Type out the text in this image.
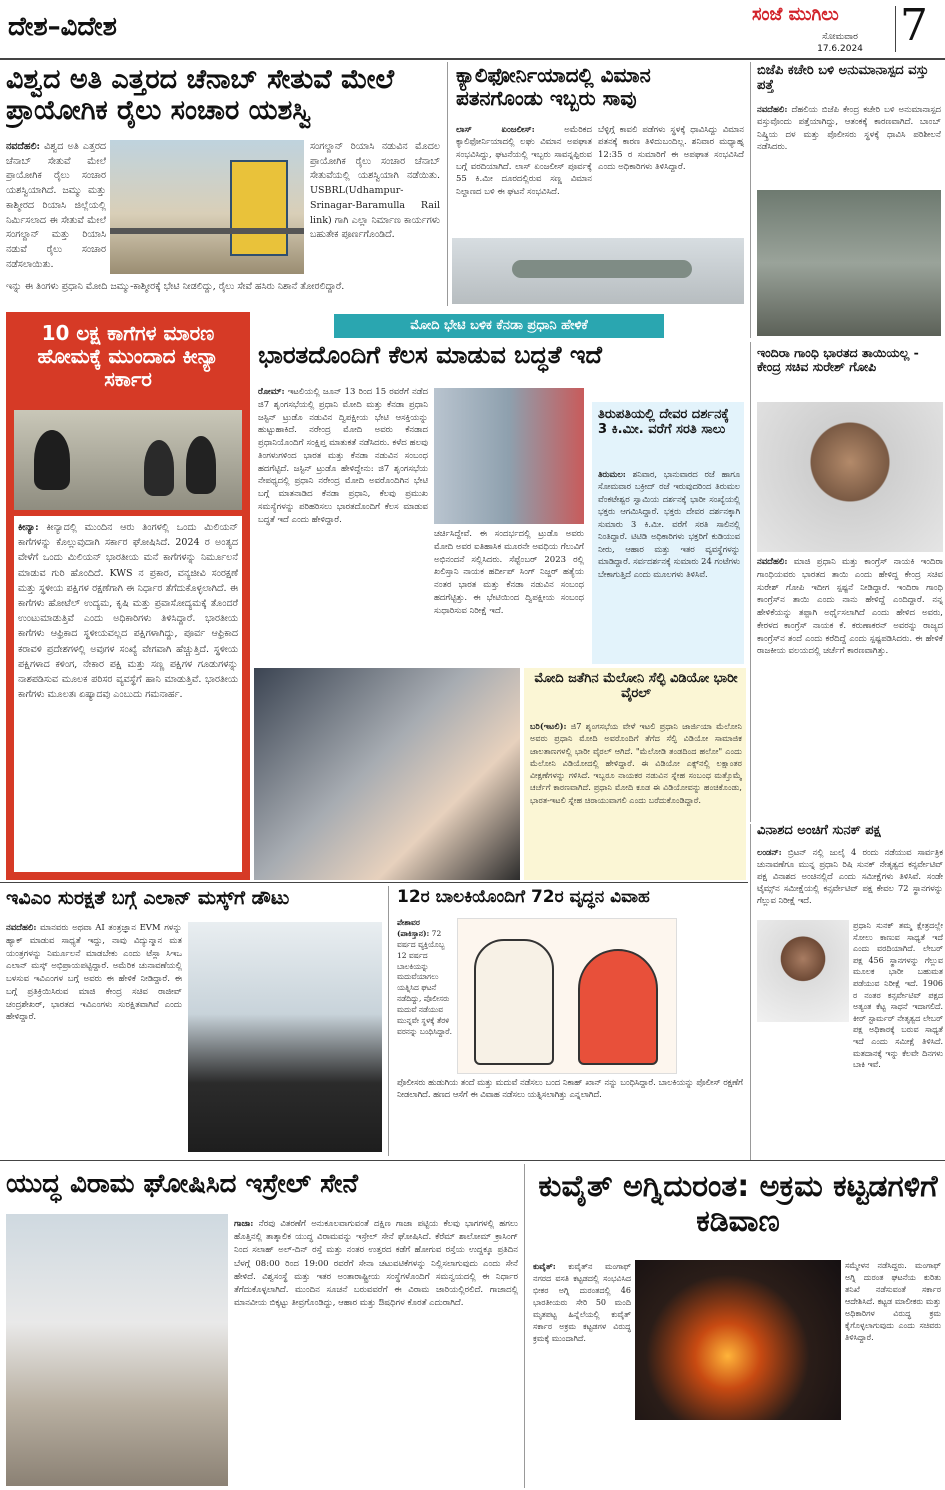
ದೇಶ–ವಿದೇಶ	ಸಂಜೆ ಮುಗಿಲು
ಸೋಮವಾರ
17.6.2024 7
ವಿಶ್ವದ ಅತಿ ಎತ್ತರದ ಚೆನಾಬ್ ಸೇತುವೆ ಮೇಲೆ ಪ್ರಾಯೋಗಿಕ ರೈಲು ಸಂಚಾರ ಯಶಸ್ವಿ
ನವದೆಹಲಿ: ವಿಶ್ವದ ಅತಿ ಎತ್ತರದ ಚೆನಾಬ್ ಸೇತುವೆ ಮೇಲೆ ಪ್ರಾಯೋಗಿಕ ರೈಲು ಸಂಚಾರ ಯಶಸ್ವಿಯಾಗಿದೆ. ಜಮ್ಮು ಮತ್ತು ಕಾಶ್ಮೀರದ ರಿಯಾಸಿ ಜಿಲ್ಲೆಯಲ್ಲಿ ನಿರ್ಮಿಸಲಾದ ಈ ಸೇತುವೆ ಮೇಲೆ ಸಂಗಲ್ದಾನ್ ಮತ್ತು ರಿಯಾಸಿ ನಡುವೆ ರೈಲು ಸಂಚಾರ ನಡೆಸಲಾಯಿತು.
ಸಂಗಲ್ದಾನ್ ರಿಯಾಸಿ ನಡುವಿನ ಮೊದಲ ಪ್ರಾಯೋಗಿಕ ರೈಲು ಸಂಚಾರ ಚೆನಾಬ್ ಸೇತುವೆಯಲ್ಲಿ ಯಶಸ್ವಿಯಾಗಿ ನಡೆಯಿತು. USBRL(Udhampur-Srinagar-Baramulla Rail link) ಗಾಗಿ ಎಲ್ಲಾ ನಿರ್ಮಾಣ ಕಾರ್ಯಗಳು ಬಹುತೇಕ ಪೂರ್ಣಗೊಂಡಿದೆ.
ಇನ್ನು ಈ ತಿಂಗಳು ಪ್ರಧಾನಿ ಮೋದಿ ಜಮ್ಮು-ಕಾಶ್ಮೀರಕ್ಕೆ ಭೇಟಿ ನೀಡಲಿದ್ದು, ರೈಲು ಸೇವೆ ಹಸಿರು ನಿಶಾನೆ ತೋರಲಿದ್ದಾರೆ.
ಕ್ಯಾಲಿಫೋರ್ನಿಯಾದಲ್ಲಿ ವಿಮಾನ ಪತನಗೊಂಡು ಇಬ್ಬರು ಸಾವು
ಲಾಸ್ ಏಂಜಲೀಸ್:	ಅಮೆರಿಕದ ಕ್ಯಾಲಿಫೋರ್ನಿಯಾದಲ್ಲಿ ಲಘು ವಿಮಾನ ಅಪಘಾತ ಸಂಭವಿಸಿದ್ದು, ಘಟನೆಯಲ್ಲಿ ಇಬ್ಬರು ಸಾವನ್ನಪ್ಪಿರುವ ಬಗ್ಗೆ ವರದಿಯಾಗಿದೆ. ಲಾಸ್ ಏಂಜಲೀಸ್ ಪೂರ್ವಕ್ಕೆ 55 ಕಿ.ಮೀ ದೂರದಲ್ಲಿರುವ ಸಣ್ಣ ವಿಮಾನ ನಿಲ್ದಾಣದ ಬಳಿ ಈ ಘಟನೆ ಸಂಭವಿಸಿದೆ.
ಬೆಳ್ಳಿಗ್ಗೆ ಕಾವಲಿ ಪಡೆಗಳು ಸ್ಥಳಕ್ಕೆ ಧಾವಿಸಿದ್ದು ವಿಮಾನ ಪತನಕ್ಕೆ ಕಾರಣ ತಿಳಿದುಬಂದಿಲ್ಲ. ಶನಿವಾರ ಮಧ್ಯಾಹ್ನ 12:35 ರ ಸುಮಾರಿಗೆ ಈ ಅಪಘಾತ ಸಂಭವಿಸಿದೆ ಎಂದು ಅಧಿಕಾರಿಗಳು ತಿಳಿಸಿದ್ದಾರೆ.
ಬಿಜೆಪಿ ಕಚೇರಿ ಬಳಿ ಅನುಮಾನಾಸ್ಪದ ವಸ್ತು ಪತ್ತೆ
ನವದೆಹಲಿ: ದೆಹಲಿಯ ಬಿಜೆಪಿ ಕೇಂದ್ರ ಕಚೇರಿ ಬಳಿ ಅನುಮಾನಾಸ್ಪದ ವಸ್ತುವೊಂದು ಪತ್ತೆಯಾಗಿದ್ದು, ಆತಂಕಕ್ಕೆ ಕಾರಣವಾಗಿದೆ. ಬಾಂಬ್ ನಿಷ್ಕ್ರಿಯ ದಳ ಮತ್ತು ಪೊಲೀಸರು ಸ್ಥಳಕ್ಕೆ ಧಾವಿಸಿ ಪರಿಶೀಲನೆ ನಡೆಸಿದರು.
10 ಲಕ್ಷ ಕಾಗೆಗಳ ಮಾರಣ ಹೋಮಕ್ಕೆ ಮುಂದಾದ ಕೀನ್ಯಾ ಸರ್ಕಾರ
ಕೀನ್ಯಾ: ಕೀನ್ಯಾದಲ್ಲಿ ಮುಂದಿನ ಆರು ತಿಂಗಳಲ್ಲಿ ಒಂದು ಮಿಲಿಯನ್ ಕಾಗೆಗಳನ್ನು ಕೊಲ್ಲುವುದಾಗಿ ಸರ್ಕಾರ ಘೋಷಿಸಿದೆ. 2024 ರ ಅಂತ್ಯದ ವೇಳೆಗೆ ಒಂದು ಮಿಲಿಯನ್ ಭಾರತೀಯ ಮನೆ ಕಾಗೆಗಳನ್ನು ನಿರ್ಮೂಲನೆ ಮಾಡುವ ಗುರಿ ಹೊಂದಿದೆ. KWS ನ ಪ್ರಕಾರ, ವನ್ಯಜೀವಿ ಸಂರಕ್ಷಣೆ ಮತ್ತು ಸ್ಥಳೀಯ ಪಕ್ಷಿಗಳ ರಕ್ಷಣೆಗಾಗಿ ಈ ನಿರ್ಧಾರ ತೆಗೆದುಕೊಳ್ಳಲಾಗಿದೆ. ಈ ಕಾಗೆಗಳು ಹೋಟೆಲ್ ಉದ್ಯಮ, ಕೃಷಿ ಮತ್ತು ಪ್ರವಾಸೋದ್ಯಮಕ್ಕೆ ತೊಂದರೆ ಉಂಟುಮಾಡುತ್ತಿವೆ ಎಂದು ಅಧಿಕಾರಿಗಳು ತಿಳಿಸಿದ್ದಾರೆ. ಭಾರತೀಯ ಕಾಗೆಗಳು ಆಫ್ರಿಕಾದ ಸ್ಥಳೀಯವಲ್ಲದ ಪಕ್ಷಿಗಳಾಗಿದ್ದು, ಪೂರ್ವ ಆಫ್ರಿಕಾದ ಕರಾವಳಿ ಪ್ರದೇಶಗಳಲ್ಲಿ ಅವುಗಳ ಸಂಖ್ಯೆ ವೇಗವಾಗಿ ಹೆಚ್ಚುತ್ತಿದೆ. ಸ್ಥಳೀಯ ಪಕ್ಷಿಗಳಾದ ಕಳಿಂಗ, ನೇಕಾರ ಪಕ್ಷಿ ಮತ್ತು ಸಣ್ಣ ಪಕ್ಷಿಗಳ ಗೂಡುಗಳನ್ನು ನಾಶಪಡಿಸುವ ಮೂಲಕ ಪರಿಸರ ವ್ಯವಸ್ಥೆಗೆ ಹಾನಿ ಮಾಡುತ್ತಿವೆ. ಭಾರತೀಯ ಕಾಗೆಗಳು ಮೂಲತಃ ಏಷ್ಯಾದವು ಎಂಬುದು ಗಮನಾರ್ಹ.
ಮೋದಿ ಭೇಟಿ ಬಳಿಕ ಕೆನಡಾ ಪ್ರಧಾನಿ ಹೇಳಿಕೆ
ಭಾರತದೊಂದಿಗೆ ಕೆಲಸ ಮಾಡುವ ಬದ್ಧತೆ ಇದೆ
ರೋಮ್: ಇಟಲಿಯಲ್ಲಿ ಜೂನ್ 13 ರಿಂದ 15 ರವರೆಗೆ ನಡೆದ ಜಿ7 ಶೃಂಗಸಭೆಯಲ್ಲಿ ಪ್ರಧಾನಿ ಮೋದಿ ಮತ್ತು ಕೆನಡಾ ಪ್ರಧಾನಿ ಜಸ್ಟಿನ್ ಟ್ರುಡೊ ನಡುವಿನ ದ್ವಿಪಕ್ಷೀಯ ಭೇಟಿ ಆಸಕ್ತಿಯನ್ನು ಹುಟ್ಟುಹಾಕಿದೆ. ನರೇಂದ್ರ ಮೋದಿ ಅವರು ಕೆನಡಾದ ಪ್ರಧಾನಿಯೊಂದಿಗೆ ಸಂಕ್ಷಿಪ್ತ ಮಾತುಕತೆ ನಡೆಸಿದರು. ಕಳೆದ ಹಲವು ತಿಂಗಳುಗಳಿಂದ ಭಾರತ ಮತ್ತು ಕೆನಡಾ ನಡುವಿನ ಸಂಬಂಧ ಹದಗೆಟ್ಟಿದೆ. ಜಸ್ಟಿನ್ ಟ್ರುಡೊ ಹೇಳಿದ್ದೇನು: ಜಿ7 ಶೃಂಗಸಭೆಯ ನೇಪಥ್ಯದಲ್ಲಿ ಪ್ರಧಾನಿ ನರೇಂದ್ರ ಮೋದಿ ಅವರೊಂದಿಗಿನ ಭೇಟಿ ಬಗ್ಗೆ ಮಾತನಾಡಿದ ಕೆನಡಾ ಪ್ರಧಾನಿ, ಕೆಲವು ಪ್ರಮುಖ ಸಮಸ್ಯೆಗಳನ್ನು ಪರಿಹರಿಸಲು ಭಾರತದೊಂದಿಗೆ ಕೆಲಸ ಮಾಡುವ ಬದ್ಧತೆ ಇದೆ ಎಂದು ಹೇಳಿದ್ದಾರೆ.
ಚರ್ಚಿಸಿದ್ದೇವೆ. ಈ ಸಂದರ್ಭದಲ್ಲಿ ಟ್ರುಡೊ ಅವರು ಮೋದಿ ಅವರ ಐತಿಹಾಸಿಕ ಮೂರನೇ ಅವಧಿಯ ಗೆಲುವಿಗೆ ಅಭಿನಂದನೆ ಸಲ್ಲಿಸಿದರು. ಸೆಪ್ಟೆಂಬರ್ 2023 ರಲ್ಲಿ ಖಲಿಸ್ತಾನಿ ನಾಯಕ ಹರ್ದೀಪ್ ಸಿಂಗ್ ನಿಜ್ಜರ್ ಹತ್ಯೆಯ ನಂತರ ಭಾರತ ಮತ್ತು ಕೆನಡಾ ನಡುವಿನ ಸಂಬಂಧ ಹದಗೆಟ್ಟಿತ್ತು. ಈ ಭೇಟಿಯಿಂದ ದ್ವಿಪಕ್ಷೀಯ ಸಂಬಂಧ ಸುಧಾರಿಸುವ ನಿರೀಕ್ಷೆ ಇದೆ.
ತಿರುಪತಿಯಲ್ಲಿ ದೇವರ ದರ್ಶನಕ್ಕೆ 3 ಕಿ.ಮೀ. ವರೆಗೆ ಸರತಿ ಸಾಲು
ತಿರುಮಲ: ಶನಿವಾರ, ಭಾನುವಾರದ ರಜೆ ಹಾಗೂ ಸೋಮವಾರ ಬಕ್ರೀದ್ ರಜೆ ಇರುವುದರಿಂದ ತಿರುಮಲ ವೆಂಕಟೇಶ್ವರ ಸ್ವಾಮಿಯ ದರ್ಶನಕ್ಕೆ ಭಾರೀ ಸಂಖ್ಯೆಯಲ್ಲಿ ಭಕ್ತರು ಆಗಮಿಸಿದ್ದಾರೆ. ಭಕ್ತರು ದೇವರ ದರ್ಶನಕ್ಕಾಗಿ ಸುಮಾರು 3 ಕಿ.ಮೀ. ವರೆಗೆ ಸರತಿ ಸಾಲಿನಲ್ಲಿ ನಿಂತಿದ್ದಾರೆ. ಟಿಟಿಡಿ ಅಧಿಕಾರಿಗಳು ಭಕ್ತರಿಗೆ ಕುಡಿಯುವ ನೀರು, ಆಹಾರ ಮತ್ತು ಇತರ ವ್ಯವಸ್ಥೆಗಳನ್ನು ಮಾಡಿದ್ದಾರೆ. ಸರ್ವದರ್ಶನಕ್ಕೆ ಸುಮಾರು 24 ಗಂಟೆಗಳು ಬೇಕಾಗುತ್ತಿದೆ ಎಂದು ಮೂಲಗಳು ತಿಳಿಸಿವೆ.
ಇಂದಿರಾ ಗಾಂಧಿ ಭಾರತದ ತಾಯಿಯಲ್ಲ - ಕೇಂದ್ರ ಸಚಿವ ಸುರೇಶ್ ಗೋಪಿ
ನವದೆಹಲಿ: ಮಾಜಿ ಪ್ರಧಾನಿ ಮತ್ತು ಕಾಂಗ್ರೆಸ್ ನಾಯಕಿ ಇಂದಿರಾ ಗಾಂಧಿಯವರು ಭಾರತದ ತಾಯಿ ಎಂದು ಹೇಳಿದ್ದ ಕೇಂದ್ರ ಸಚಿವ ಸುರೇಶ್ ಗೋಪಿ ಇದೀಗ ಸ್ಪಷ್ಟನೆ ನೀಡಿದ್ದಾರೆ. ಇಂದಿರಾ ಗಾಂಧಿ ಕಾಂಗ್ರೆಸ್‌ನ ತಾಯಿ ಎಂದು ನಾನು ಹೇಳಿದ್ದೆ ಎಂದಿದ್ದಾರೆ. ನನ್ನ ಹೇಳಿಕೆಯನ್ನು ತಪ್ಪಾಗಿ ಅರ್ಥೈಸಲಾಗಿದೆ ಎಂದು ಹೇಳಿದ ಅವರು, ಕೇರಳದ ಕಾಂಗ್ರೆಸ್ ನಾಯಕ ಕೆ. ಕರುಣಾಕರನ್ ಅವರನ್ನು ರಾಜ್ಯದ ಕಾಂಗ್ರೆಸ್‌ನ ತಂದೆ ಎಂದು ಕರೆದಿದ್ದೆ ಎಂದು ಸ್ಪಷ್ಟಪಡಿಸಿದರು. ಈ ಹೇಳಿಕೆ ರಾಜಕೀಯ ವಲಯದಲ್ಲಿ ಚರ್ಚೆಗೆ ಕಾರಣವಾಗಿತ್ತು.
ಮೋದಿ ಜತೆಗಿನ ಮೆಲೋನಿ ಸೆಲ್ಫಿ ವಿಡಿಯೋ ಭಾರೀ ವೈರಲ್
ಬರಿ(ಇಟಲಿ): ಜಿ7 ಶೃಂಗಸಭೆಯ ವೇಳೆ ಇಟಲಿ ಪ್ರಧಾನಿ ಜಾರ್ಜಿಯಾ ಮೆಲೋನಿ ಅವರು ಪ್ರಧಾನಿ ಮೋದಿ ಅವರೊಂದಿಗೆ ತೆಗೆದ ಸೆಲ್ಫಿ ವಿಡಿಯೋ ಸಾಮಾಜಿಕ ಜಾಲತಾಣಗಳಲ್ಲಿ ಭಾರೀ ವೈರಲ್ ಆಗಿದೆ. "ಮೆಲೋಡಿ ತಂಡದಿಂದ ಹಲೋ" ಎಂದು ಮೆಲೋನಿ ವಿಡಿಯೋದಲ್ಲಿ ಹೇಳಿದ್ದಾರೆ. ಈ ವಿಡಿಯೋ ಎಕ್ಸ್‌ನಲ್ಲಿ ಲಕ್ಷಾಂತರ ವೀಕ್ಷಣೆಗಳನ್ನು ಗಳಿಸಿದೆ. ಇಬ್ಬರೂ ನಾಯಕರ ನಡುವಿನ ಸ್ನೇಹ ಸಂಬಂಧ ಮತ್ತೊಮ್ಮೆ ಚರ್ಚೆಗೆ ಕಾರಣವಾಗಿದೆ. ಪ್ರಧಾನಿ ಮೋದಿ ಕೂಡ ಈ ವಿಡಿಯೋವನ್ನು ಹಂಚಿಕೊಂಡು, ಭಾರತ-ಇಟಲಿ ಸ್ನೇಹ ಚಿರಾಯುವಾಗಲಿ ಎಂದು ಬರೆದುಕೊಂಡಿದ್ದಾರೆ.
ವಿನಾಶದ ಅಂಚಿಗೆ ಸುನಕ್ ಪಕ್ಷ
ಲಂಡನ್: ಬ್ರಿಟನ್ ನಲ್ಲಿ ಜುಲೈ 4 ರಂದು ನಡೆಯುವ ಸಾರ್ವತ್ರಿಕ ಚುನಾವಣೆಗೂ ಮುನ್ನ ಪ್ರಧಾನಿ ರಿಷಿ ಸುನಕ್ ನೇತೃತ್ವದ ಕನ್ಸರ್ವೇಟಿವ್ ಪಕ್ಷ ವಿನಾಶದ ಅಂಚಿನಲ್ಲಿದೆ ಎಂದು ಸಮೀಕ್ಷೆಗಳು ತಿಳಿಸಿವೆ. ಸಂಡೇ ಟೈಮ್ಸ್‌ನ ಸಮೀಕ್ಷೆಯಲ್ಲಿ ಕನ್ಸರ್ವೇಟಿವ್ ಪಕ್ಷ ಕೇವಲ 72 ಸ್ಥಾನಗಳನ್ನು ಗೆಲ್ಲುವ ನಿರೀಕ್ಷೆ ಇದೆ.
ಪ್ರಧಾನಿ ಸುನಕ್ ತಮ್ಮ ಕ್ಷೇತ್ರದಲ್ಲೇ ಸೋಲು ಕಾಣುವ ಸಾಧ್ಯತೆ ಇದೆ ಎಂದು ವರದಿಯಾಗಿದೆ. ಲೇಬರ್ ಪಕ್ಷ 456 ಸ್ಥಾನಗಳನ್ನು ಗೆಲ್ಲುವ ಮೂಲಕ ಭಾರೀ ಬಹುಮತ ಪಡೆಯುವ ನಿರೀಕ್ಷೆ ಇದೆ. 1906 ರ ನಂತರ ಕನ್ಸರ್ವೇಟಿವ್ ಪಕ್ಷದ ಅತ್ಯಂತ ಕೆಟ್ಟ ಸಾಧನೆ ಇದಾಗಲಿದೆ. ಕೀರ್ ಸ್ಟಾರ್ಮರ್ ನೇತೃತ್ವದ ಲೇಬರ್ ಪಕ್ಷ ಅಧಿಕಾರಕ್ಕೆ ಬರುವ ಸಾಧ್ಯತೆ ಇದೆ ಎಂದು ಸಮೀಕ್ಷೆ ತಿಳಿಸಿದೆ. ಮತದಾನಕ್ಕೆ ಇನ್ನು ಕೆಲವೇ ದಿನಗಳು ಬಾಕಿ ಇವೆ.
ಇವಿಎಂ ಸುರಕ್ಷತೆ ಬಗ್ಗೆ ಎಲಾನ್ ಮಸ್ಕ್‌ಗೆ ಡೌಟು
ನವದೆಹಲಿ: ಮಾನವರು ಅಥವಾ AI ತಂತ್ರಜ್ಞಾನ EVM ಗಳನ್ನು ಹ್ಯಾಕ್ ಮಾಡುವ ಸಾಧ್ಯತೆ ಇದ್ದು, ನಾವು ವಿದ್ಯುನ್ಮಾನ ಮತ ಯಂತ್ರಗಳನ್ನು ನಿರ್ಮೂಲನೆ ಮಾಡಬೇಕು ಎಂದು ಟೆಸ್ಲಾ ಸಿಇಒ ಎಲಾನ್ ಮಸ್ಕ್ ಅಭಿಪ್ರಾಯಪಟ್ಟಿದ್ದಾರೆ. ಅಮೆರಿಕ ಚುನಾವಣೆಯಲ್ಲಿ ಬಳಸುವ ಇವಿಎಂಗಳ ಬಗ್ಗೆ ಅವರು ಈ ಹೇಳಿಕೆ ನೀಡಿದ್ದಾರೆ. ಈ ಬಗ್ಗೆ ಪ್ರತಿಕ್ರಿಯಿಸಿರುವ ಮಾಜಿ ಕೇಂದ್ರ ಸಚಿವ ರಾಜೀವ್ ಚಂದ್ರಶೇಖರ್, ಭಾರತದ ಇವಿಎಂಗಳು ಸುರಕ್ಷಿತವಾಗಿವೆ ಎಂದು ಹೇಳಿದ್ದಾರೆ.
12ರ ಬಾಲಕಿಯೊಂದಿಗೆ 72ರ ವೃದ್ಧನ ವಿವಾಹ
ಪೇಶಾವರ (ಪಾಕಿಸ್ತಾನ): 72 ವರ್ಷದ ವ್ಯಕ್ತಿಯೊಬ್ಬ 12 ವರ್ಷದ ಬಾಲಕಿಯನ್ನು ಮದುವೆಯಾಗಲು ಯತ್ನಿಸಿದ ಘಟನೆ ನಡೆದಿದ್ದು, ಪೊಲೀಸರು ಮದುವೆ ನಡೆಯುವ ಮುನ್ನವೇ ಸ್ಥಳಕ್ಕೆ ತೆರಳಿ ವರನನ್ನು ಬಂಧಿಸಿದ್ದಾರೆ.
ಪೊಲೀಸರು ಹುಡುಗಿಯ ತಂದೆ ಮತ್ತು ಮದುವೆ ನಡೆಸಲು ಬಂದ ನಿಕಾಹ್ ಖಾನ್ ನನ್ನು ಬಂಧಿಸಿದ್ದಾರೆ. ಬಾಲಕಿಯನ್ನು ಪೊಲೀಸ್ ರಕ್ಷಣೆಗೆ ನೀಡಲಾಗಿದೆ. ಹಣದ ಆಸೆಗೆ ಈ ವಿವಾಹ ನಡೆಸಲು ಯತ್ನಿಸಲಾಗಿತ್ತು ಎನ್ನಲಾಗಿದೆ.
ಯುದ್ಧ ವಿರಾಮ ಘೋಷಿಸಿದ ಇಸ್ರೇಲ್ ಸೇನೆ
ಗಾಜಾ: ನೆರವು ವಿತರಣೆಗೆ ಅನುಕೂಲವಾಗುವಂತೆ ದಕ್ಷಿಣ ಗಾಜಾ ಪಟ್ಟಿಯ ಕೆಲವು ಭಾಗಗಳಲ್ಲಿ ಹಗಲು ಹೊತ್ತಿನಲ್ಲಿ ತಾತ್ಕಾಲಿಕ ಯುದ್ಧ ವಿರಾಮವನ್ನು ಇಸ್ರೇಲ್ ಸೇನೆ ಘೋಷಿಸಿದೆ. ಕೆರೆಮ್ ಶಾಲೋಮ್ ಕ್ರಾಸಿಂಗ್ ನಿಂದ ಸಲಾಹ್ ಅಲ್-ದಿನ್ ರಸ್ತೆ ಮತ್ತು ನಂತರ ಉತ್ತರದ ಕಡೆಗೆ ಹೋಗುವ ರಸ್ತೆಯ ಉದ್ದಕ್ಕೂ ಪ್ರತಿದಿನ ಬೆಳಗ್ಗೆ 08:00 ರಿಂದ 19:00 ರವರೆಗೆ ಸೇನಾ ಚಟುವಟಿಕೆಗಳನ್ನು ನಿಲ್ಲಿಸಲಾಗುವುದು ಎಂದು ಸೇನೆ ಹೇಳಿದೆ. ವಿಶ್ವಸಂಸ್ಥೆ ಮತ್ತು ಇತರ ಅಂತಾರಾಷ್ಟ್ರೀಯ ಸಂಸ್ಥೆಗಳೊಂದಿಗೆ ಸಮನ್ವಯದಲ್ಲಿ ಈ ನಿರ್ಧಾರ ತೆಗೆದುಕೊಳ್ಳಲಾಗಿದೆ. ಮುಂದಿನ ಸೂಚನೆ ಬರುವವರೆಗೆ ಈ ವಿರಾಮ ಜಾರಿಯಲ್ಲಿರಲಿದೆ. ಗಾಜಾದಲ್ಲಿ ಮಾನವೀಯ ಬಿಕ್ಕಟ್ಟು ತೀವ್ರಗೊಂಡಿದ್ದು, ಆಹಾರ ಮತ್ತು ಔಷಧಿಗಳ ಕೊರತೆ ಎದುರಾಗಿದೆ.
ಕುವೈತ್ ಅಗ್ನಿದುರಂತ: ಅಕ್ರಮ ಕಟ್ಟಡಗಳಿಗೆ ಕಡಿವಾಣ
ಕುವೈತ್: ಕುವೈತ್‌ನ ಮಂಗಾಫ್ ನಗರದ ವಸತಿ ಕಟ್ಟಡದಲ್ಲಿ ಸಂಭವಿಸಿದ ಭೀಕರ ಅಗ್ನಿ ದುರಂತದಲ್ಲಿ 46 ಭಾರತೀಯರು ಸೇರಿ 50 ಮಂದಿ ಮೃತಪಟ್ಟ ಹಿನ್ನೆಲೆಯಲ್ಲಿ ಕುವೈತ್ ಸರ್ಕಾರ ಅಕ್ರಮ ಕಟ್ಟಡಗಳ ವಿರುದ್ಧ ಕ್ರಮಕ್ಕೆ ಮುಂದಾಗಿದೆ.
ಸಮ್ಮೇಳನ ನಡೆಸಿದ್ದರು. ಮಂಗಾಫ್ ಅಗ್ನಿ ದುರಂತ ಘಟನೆಯ ಕುರಿತು ತನಿಖೆ ನಡೆಸುವಂತೆ ಸರ್ಕಾರ ಆದೇಶಿಸಿದೆ. ಕಟ್ಟಡ ಮಾಲೀಕರು ಮತ್ತು ಅಧಿಕಾರಿಗಳ ವಿರುದ್ಧ ಕ್ರಮ ಕೈಗೊಳ್ಳಲಾಗುವುದು ಎಂದು ಸಚಿವರು ತಿಳಿಸಿದ್ದಾರೆ.
